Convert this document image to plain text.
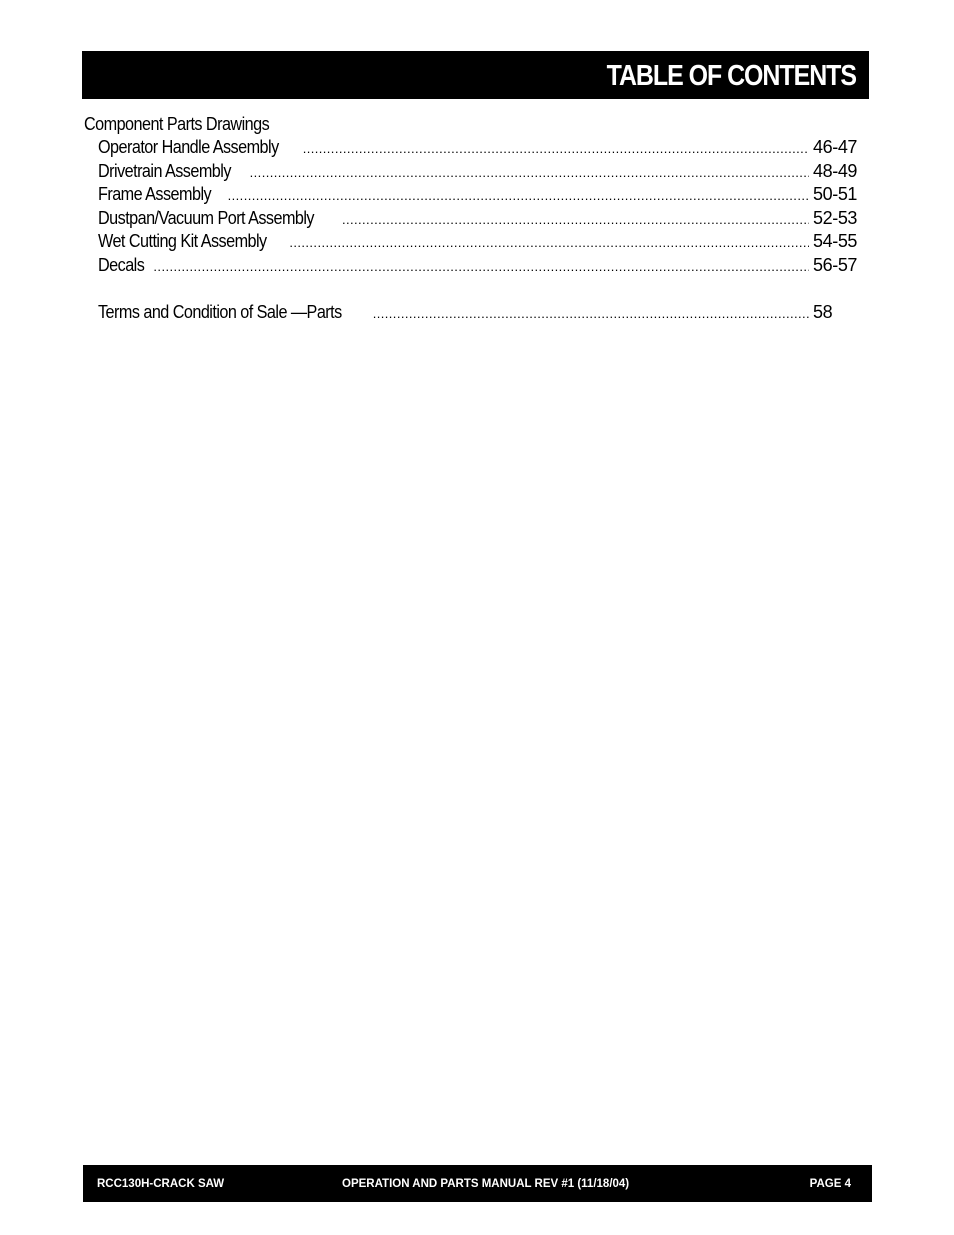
TABLE OF CONTENTS
Component Parts Drawings
Operator Handle Assembly .....	46-47
Drivetrain Assembly .....	48-49
Frame Assembly .....	50-51
Dustpan/Vacuum Port Assembly .....	52-53
Wet Cutting Kit Assembly .....	54-55
Decals .....	56-57
Terms and Condition of Sale —Parts .....	58
RCC130H-CRACK SAW	OPERATION AND PARTS MANUAL REV #1 (11/18/04)	PAGE 4
